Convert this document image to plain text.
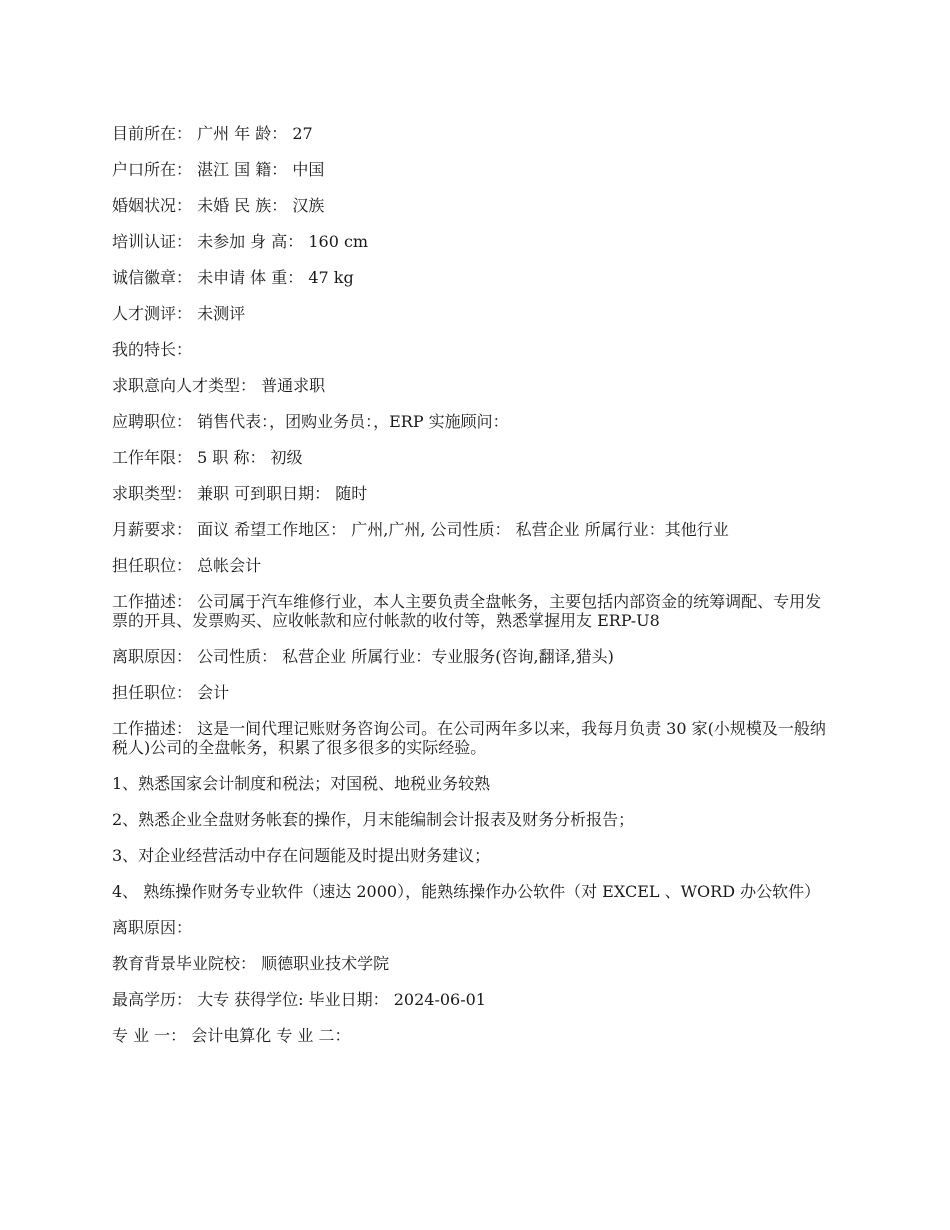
目前所在： 广州 年 龄： 27

户口所在： 湛江 国 籍： 中国

婚姻状况： 未婚 民 族： 汉族

培训认证： 未参加 身 高： 160 cm

诚信徽章： 未申请 体 重： 47 kg

人才测评： 未测评

我的特长：

求职意向人才类型： 普通求职

应聘职位： 销售代表：，团购业务员：，ERP 实施顾问：

工作年限： 5 职 称： 初级

求职类型： 兼职 可到职日期： 随时

月薪要求： 面议 希望工作地区： 广州,广州, 公司性质： 私营企业 所属行业：其他行业

担任职位： 总帐会计

工作描述： 公司属于汽车维修行业，本人主要负责全盘帐务，主要包括内部资金的统筹调配、专用发票的开具、发票购买、应收帐款和应付帐款的收付等，熟悉掌握用友 ERP-U8

离职原因： 公司性质： 私营企业 所属行业：专业服务(咨询,翻译,猎头)

担任职位： 会计

工作描述： 这是一间代理记账财务咨询公司。在公司两年多以来，我每月负责 30 家(小规模及一般纳税人)公司的全盘帐务，积累了很多很多的实际经验。

1、熟悉国家会计制度和税法；对国税、地税业务较熟

2、熟悉企业全盘财务帐套的操作，月末能编制会计报表及财务分析报告；

3、对企业经营活动中存在问题能及时提出财务建议；

4、 熟练操作财务专业软件（速达 2000），能熟练操作办公软件（对 EXCEL 、WORD 办公软件）

离职原因：

教育背景毕业院校： 顺德职业技术学院

最高学历： 大专 获得学位: 毕业日期： 2024-06-01

专 业 一： 会计电算化 专 业 二：
